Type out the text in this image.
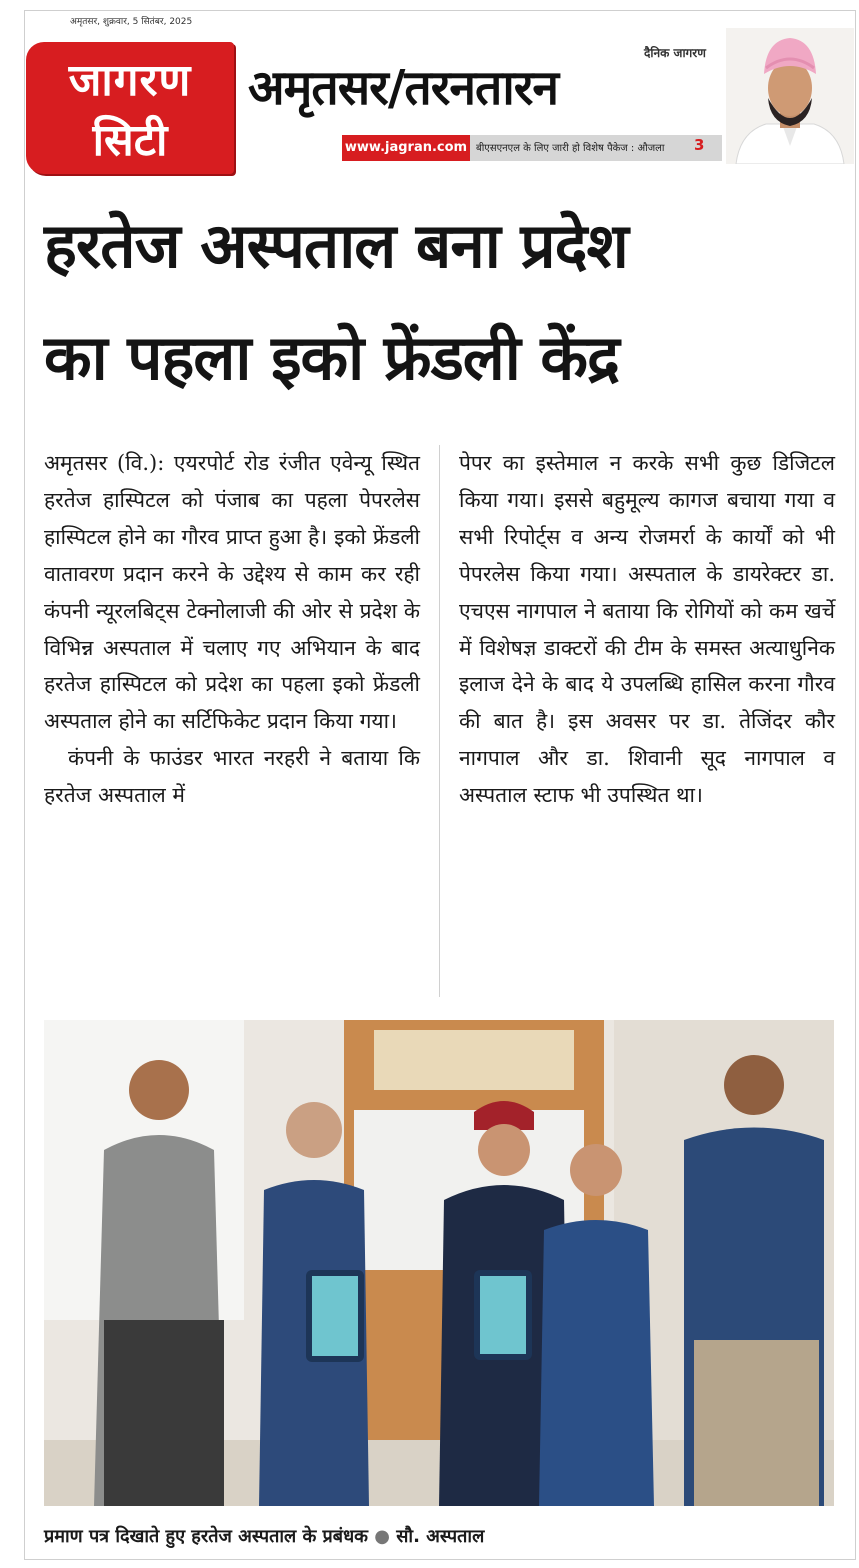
अमृतसर, शुक्रवार, 5 सितंबर, 2025
जागरण
सिटी
दैनिक जागरण
अमृतसर/तरनतारन
www.jagran.com बीएसएनएल के लिए जारी हो विशेष पैकेज : औजला 3
हरतेज अस्पताल बना प्रदेश
का पहला इको फ्रेंडली केंद्र

अमृतसर (वि.): एयरपोर्ट रोड रंजीत एवेन्यू स्थित हरतेज हास्पिटल को पंजाब का पहला पेपरलेस हास्पिटल होने का गौरव प्राप्त हुआ है। इको फ्रेंडली वातावरण प्रदान करने के उद्देश्य से काम कर रही कंपनी न्यूरलबिट्स टेक्नोलाजी की ओर से प्रदेश के विभिन्न अस्पताल में चलाए गए अभियान के बाद हरतेज हास्पिटल को प्रदेश का पहला इको फ्रेंडली अस्पताल होने का सर्टिफिकेट प्रदान किया गया।

कंपनी के फाउंडर भारत नरहरी ने बताया कि हरतेज अस्पताल में

पेपर का इस्तेमाल न करके सभी कुछ डिजिटल किया गया। इससे बहुमूल्य कागज बचाया गया व सभी रिपोर्ट्स व अन्य रोजमर्रा के कार्यों को भी पेपरलेस किया गया। अस्पताल के डायरेक्टर डा. एचएस नागपाल ने बताया कि रोगियों को कम खर्चे में विशेषज्ञ डाक्टरों की टीम के समस्त अत्याधुनिक इलाज देने के बाद ये उपलब्धि हासिल करना गौरव की बात है। इस अवसर पर डा. तेजिंदर कौर नागपाल और डा. शिवानी सूद नागपाल व अस्पताल स्टाफ भी उपस्थित था।

प्रमाण पत्र दिखाते हुए हरतेज अस्पताल के प्रबंधक ● सौ. अस्पताल
